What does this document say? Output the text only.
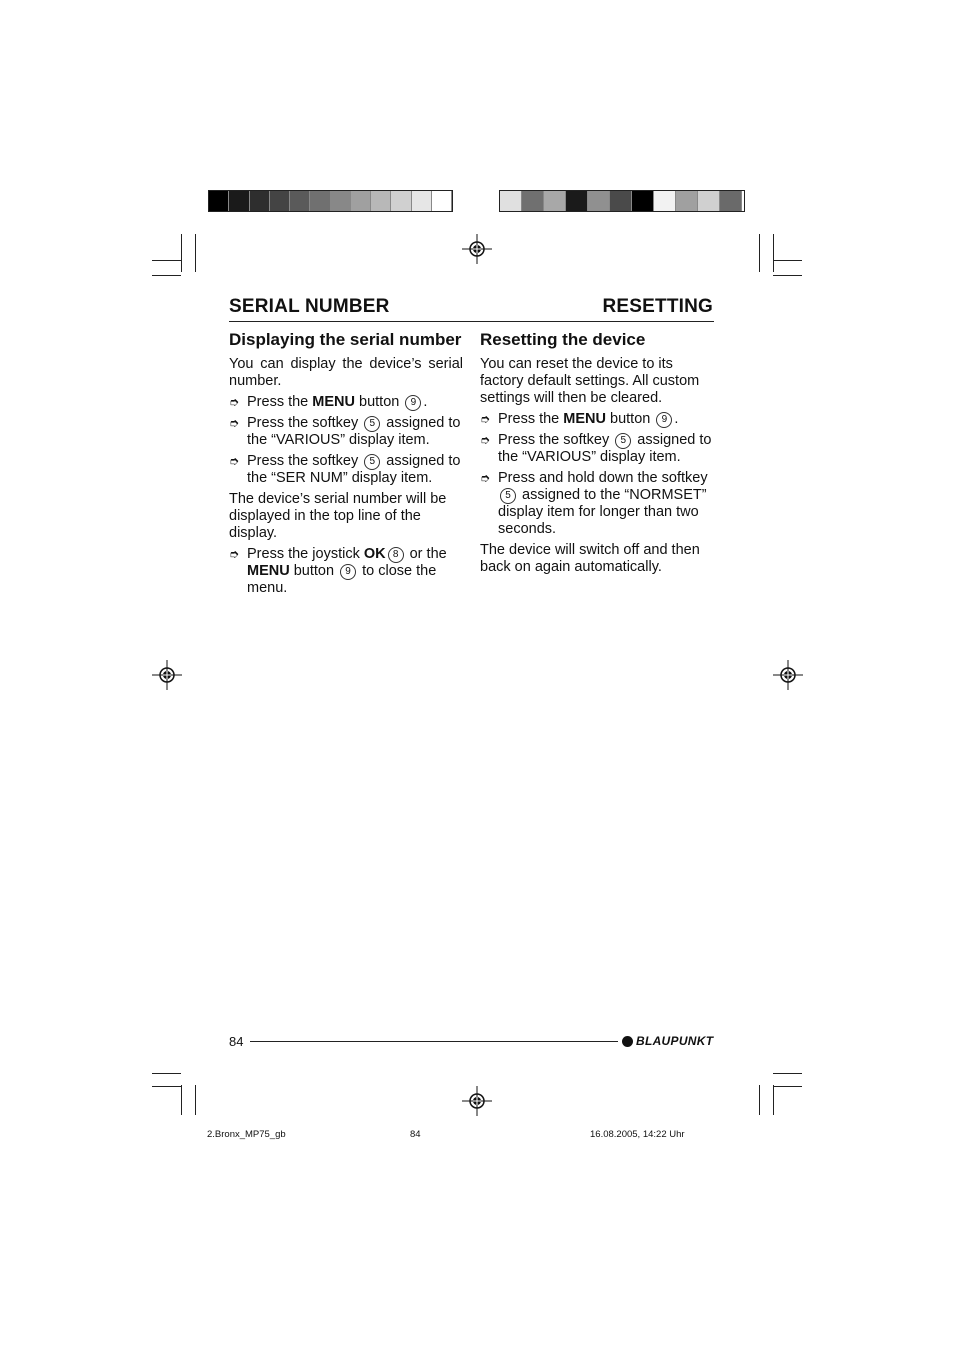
SERIAL NUMBER	RESETTING
Displaying the serial number

You can display the device’s serial number.

➮ Press the MENU button 9 .
➮ Press the softkey 5 assigned to the “VARIOUS” display item.
➮ Press the softkey 5 assigned to the “SER NUM” display item.

The device’s serial number will be displayed in the top line of the display.

➮ Press the joystick OK 8 or the MENU button 9 to close the menu.
Resetting the device

You can reset the device to its factory default settings. All custom settings will then be cleared.

➮ Press the MENU button 9 .
➮ Press the softkey 5 assigned to the “VARIOUS” display item.
➮ Press and hold down the softkey 5 assigned to the “NORMSET” display item for longer than two seconds.

The device will switch off and then back on again automatically.

84	BLAUPUNKT
2.Bronx_MP75_gb	84	16.08.2005, 14:22 Uhr
